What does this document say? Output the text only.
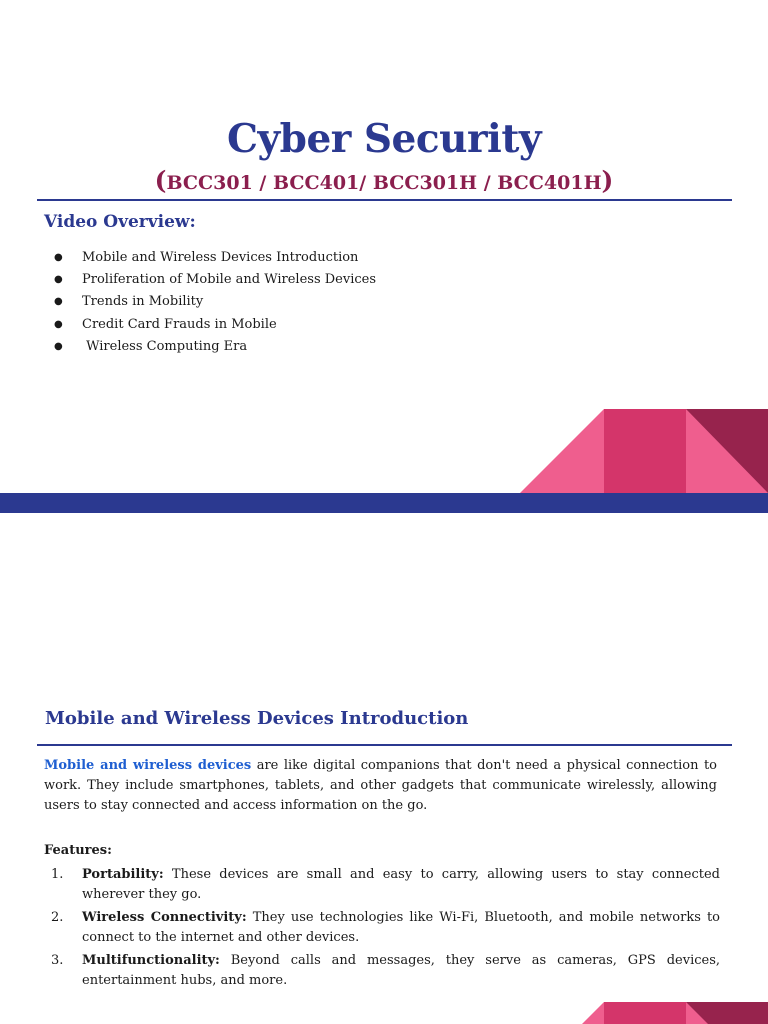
Cyber Security
(BCC301 / BCC401/ BCC301H / BCC401H)
Video Overview:
●	Mobile and Wireless Devices Introduction
●	Proliferation of Mobile and Wireless Devices
●	Trends in Mobility
●	Credit Card Frauds in Mobile
●	Wireless Computing Era
Mobile and Wireless Devices Introduction

Mobile and wireless devices are like digital companions that don't need a physical connection to work. They include smartphones, tablets, and other gadgets that communicate wirelessly, allowing users to stay connected and access information on the go.

Features:
1.	Portability: These devices are small and easy to carry, allowing users to stay connected wherever they go.
2.	Wireless Connectivity: They use technologies like Wi-Fi, Bluetooth, and mobile networks to connect to the internet and other devices.
3.	Multifunctionality: Beyond calls and messages, they serve as cameras, GPS devices, entertainment hubs, and more.
